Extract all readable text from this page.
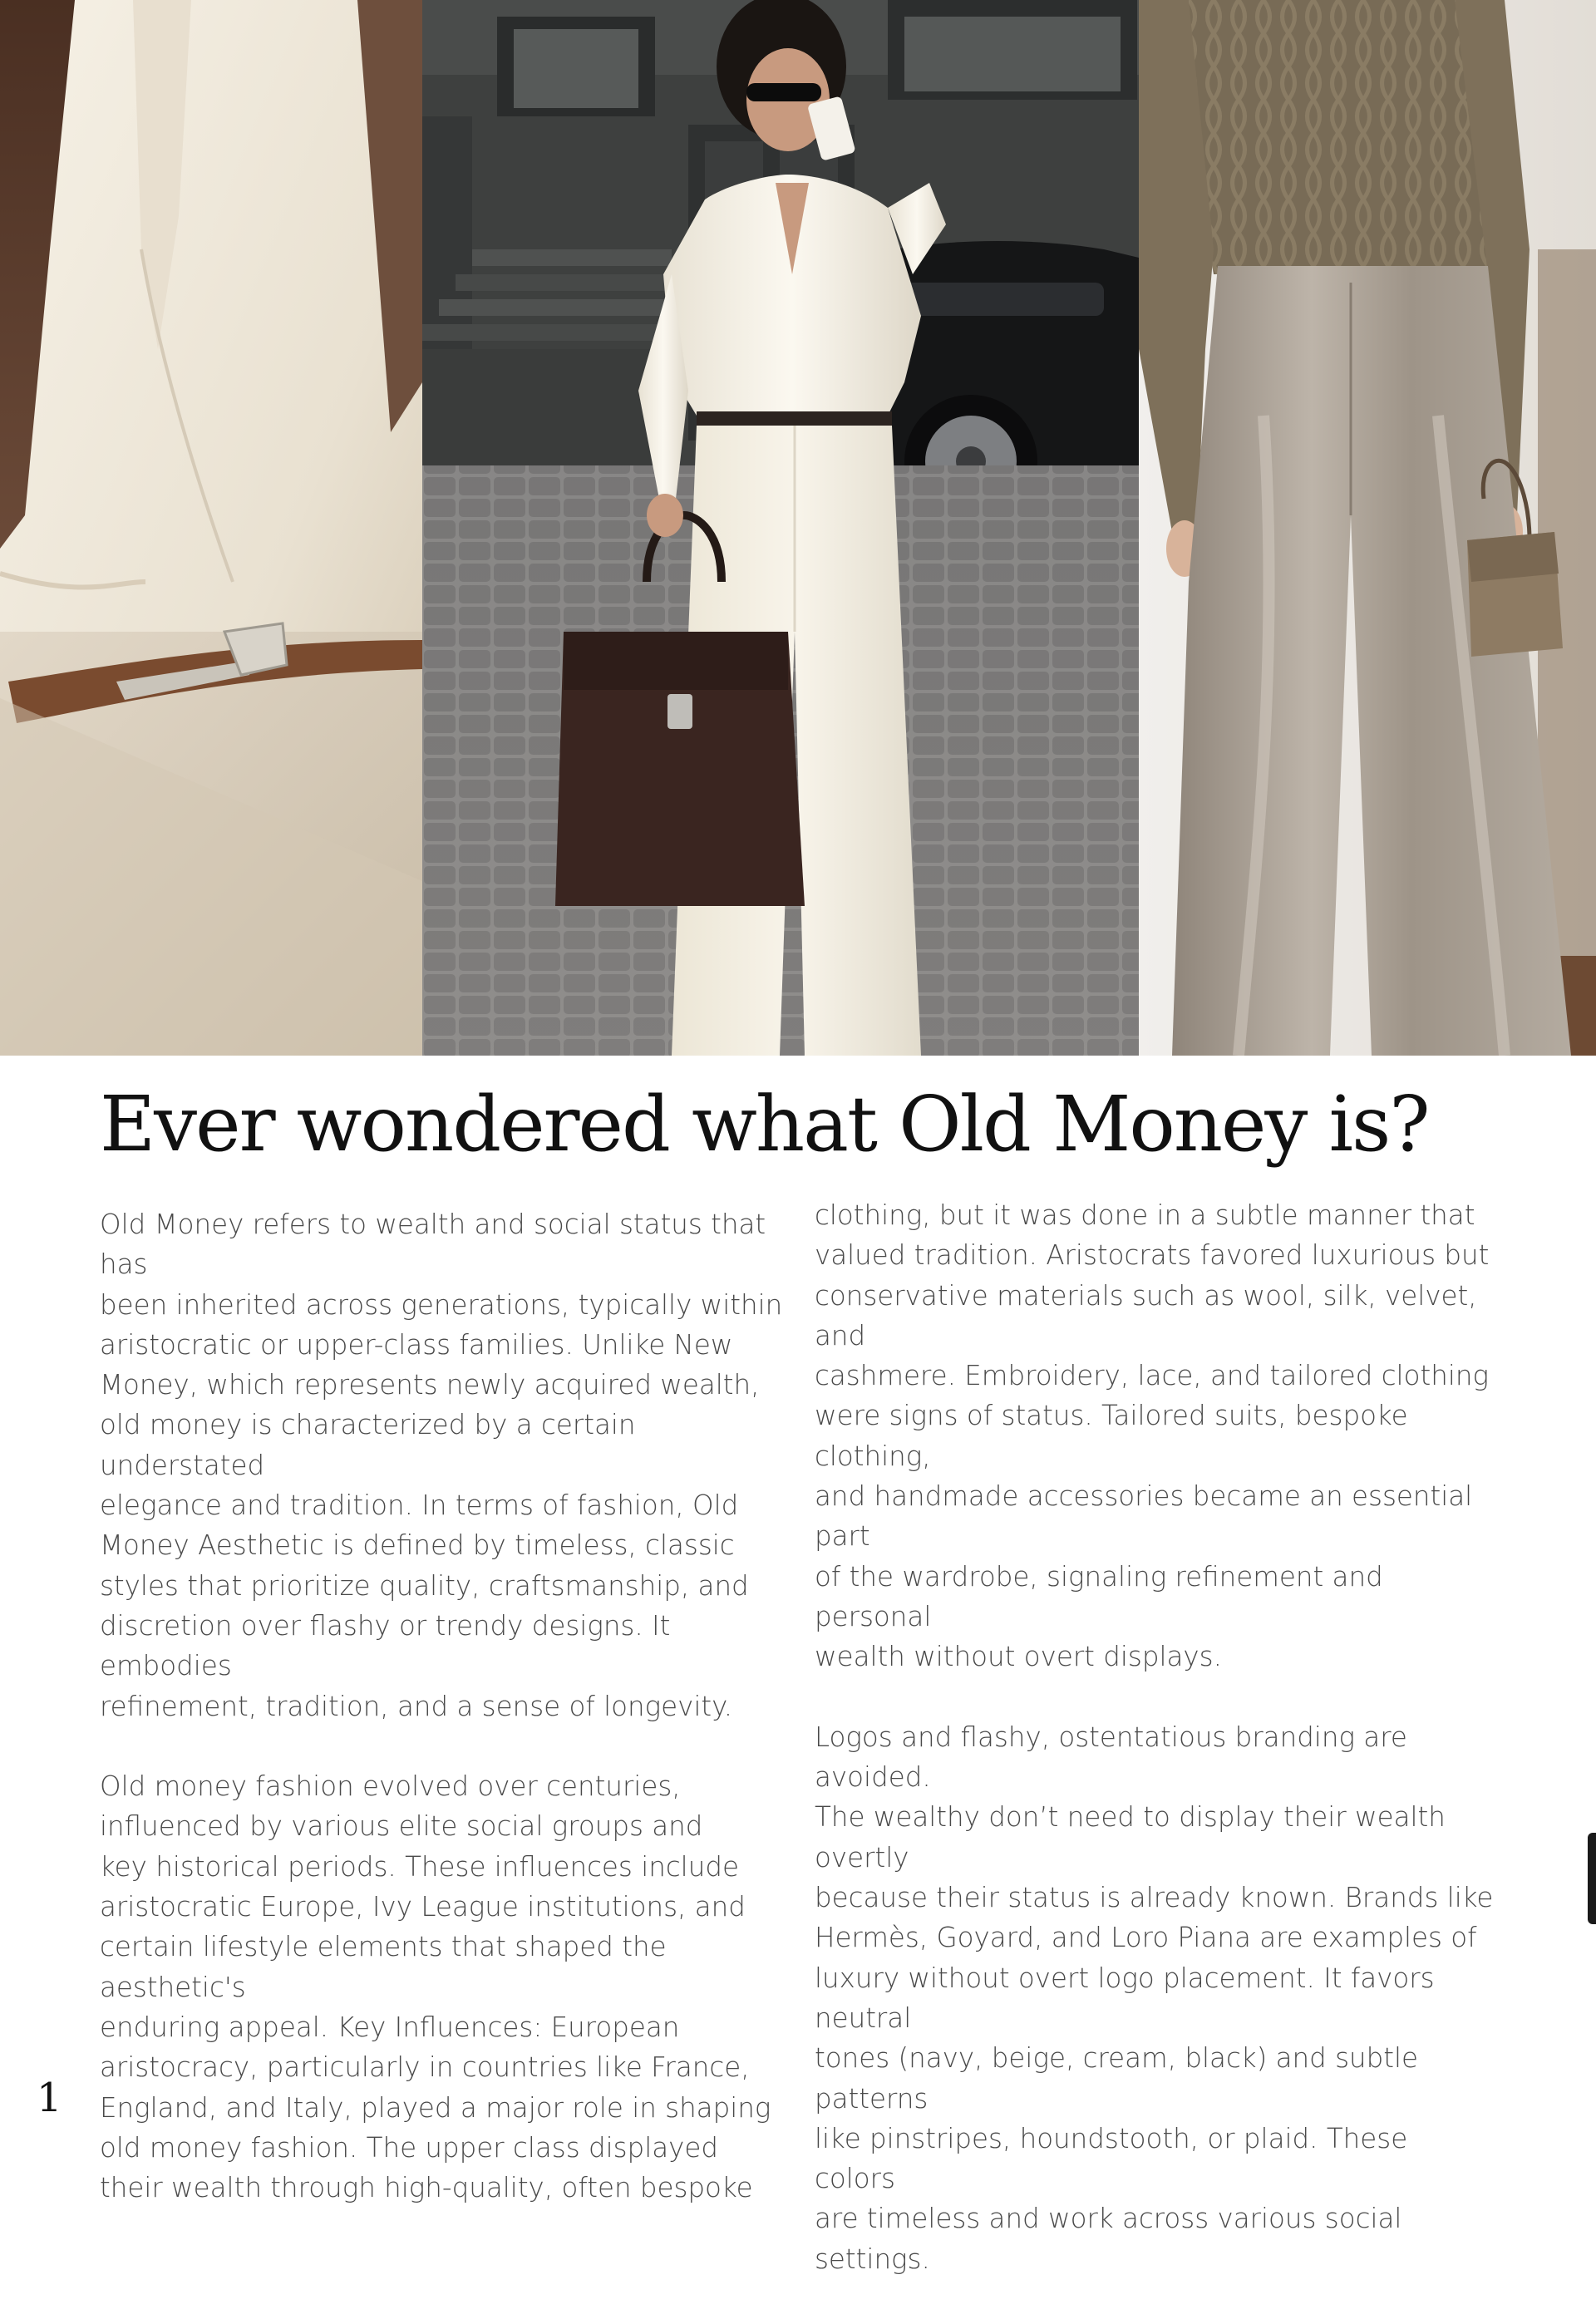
Ever wondered what Old Money is?

Old Money refers to wealth and social status that has
been inherited across generations, typically within
aristocratic or upper-class families. Unlike New
Money, which represents newly acquired wealth,
old money is characterized by a certain understated
elegance and tradition. In terms of fashion, Old
Money Aesthetic is defined by timeless, classic
styles that prioritize quality, craftsmanship, and
discretion over flashy or trendy designs. It embodies
refinement, tradition, and a sense of longevity.

Old money fashion evolved over centuries,
influenced by various elite social groups and
key historical periods. These influences include
aristocratic Europe, Ivy League institutions, and
certain lifestyle elements that shaped the aesthetic's
enduring appeal. Key Influences: European
aristocracy, particularly in countries like France,
England, and Italy, played a major role in shaping
old money fashion. The upper class displayed
their wealth through high-quality, often bespoke

clothing, but it was done in a subtle manner that
valued tradition. Aristocrats favored luxurious but
conservative materials such as wool, silk, velvet, and
cashmere. Embroidery, lace, and tailored clothing
were signs of status. Tailored suits, bespoke clothing,
and handmade accessories became an essential part
of the wardrobe, signaling refinement and personal
wealth without overt displays.

Logos and flashy, ostentatious branding are avoided.
The wealthy don’t need to display their wealth overtly
because their status is already known. Brands like
Hermès, Goyard, and Loro Piana are examples of
luxury without overt logo placement. It favors neutral
tones (navy, beige, cream, black) and subtle patterns
like pinstripes, houndstooth, or plaid. These colors
are timeless and work across various social settings.

1
